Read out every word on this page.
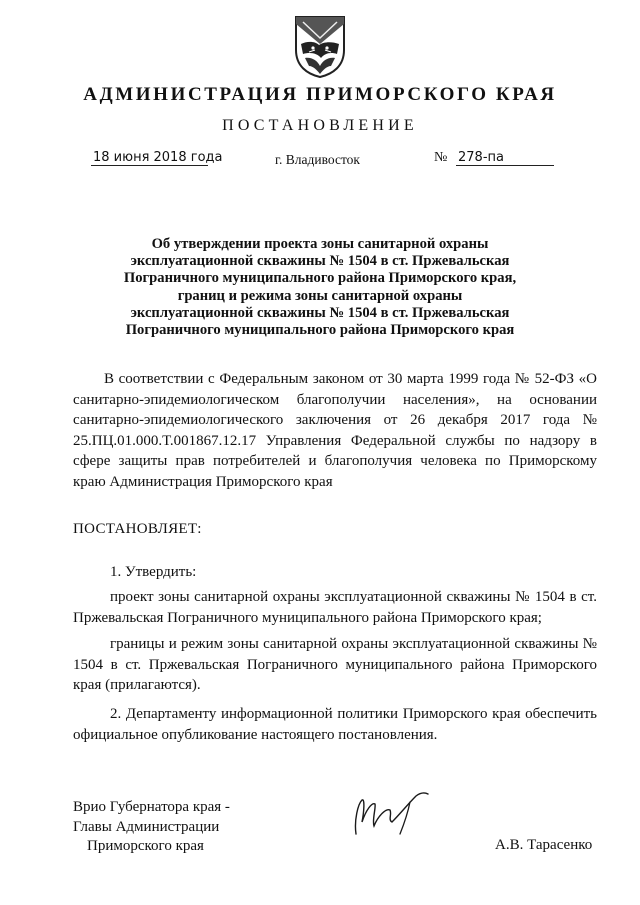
АДМИНИСТРАЦИЯ ПРИМОРСКОГО КРАЯ
ПОСТАНОВЛЕНИЕ
18 июня 2018 года	г. Владивосток	№ 278-па
Об утверждении проекта зоны санитарной охраны
эксплуатационной скважины № 1504 в ст. Пржевальская
Пограничного муниципального района Приморского края,
границ и режима зоны санитарной охраны
эксплуатационной скважины № 1504 в ст. Пржевальская
Пограничного муниципального района Приморского края
В соответствии с Федеральным законом от 30 марта 1999 года № 52-ФЗ «О санитарно-эпидемиологическом благополучии населения», на основании санитарно-эпидемиологического заключения от 26 декабря 2017 года № 25.ПЦ.01.000.Т.001867.12.17 Управления Федеральной службы по надзору в сфере защиты прав потребителей и благополучия человека по Приморскому краю Администрация Приморского края
ПОСТАНОВЛЯЕТ:
1. Утвердить:
проект зоны санитарной охраны эксплуатационной скважины № 1504 в ст. Пржевальская Пограничного муниципального района Приморского края;
границы и режим зоны санитарной охраны эксплуатационной скважины № 1504 в ст. Пржевальская Пограничного муниципального района Приморского края (прилагаются).
2. Департаменту информационной политики Приморского края обеспечить официальное опубликование настоящего постановления.
Врио Губернатора края -
Главы Администрации
Приморского края	А.В. Тарасенко
